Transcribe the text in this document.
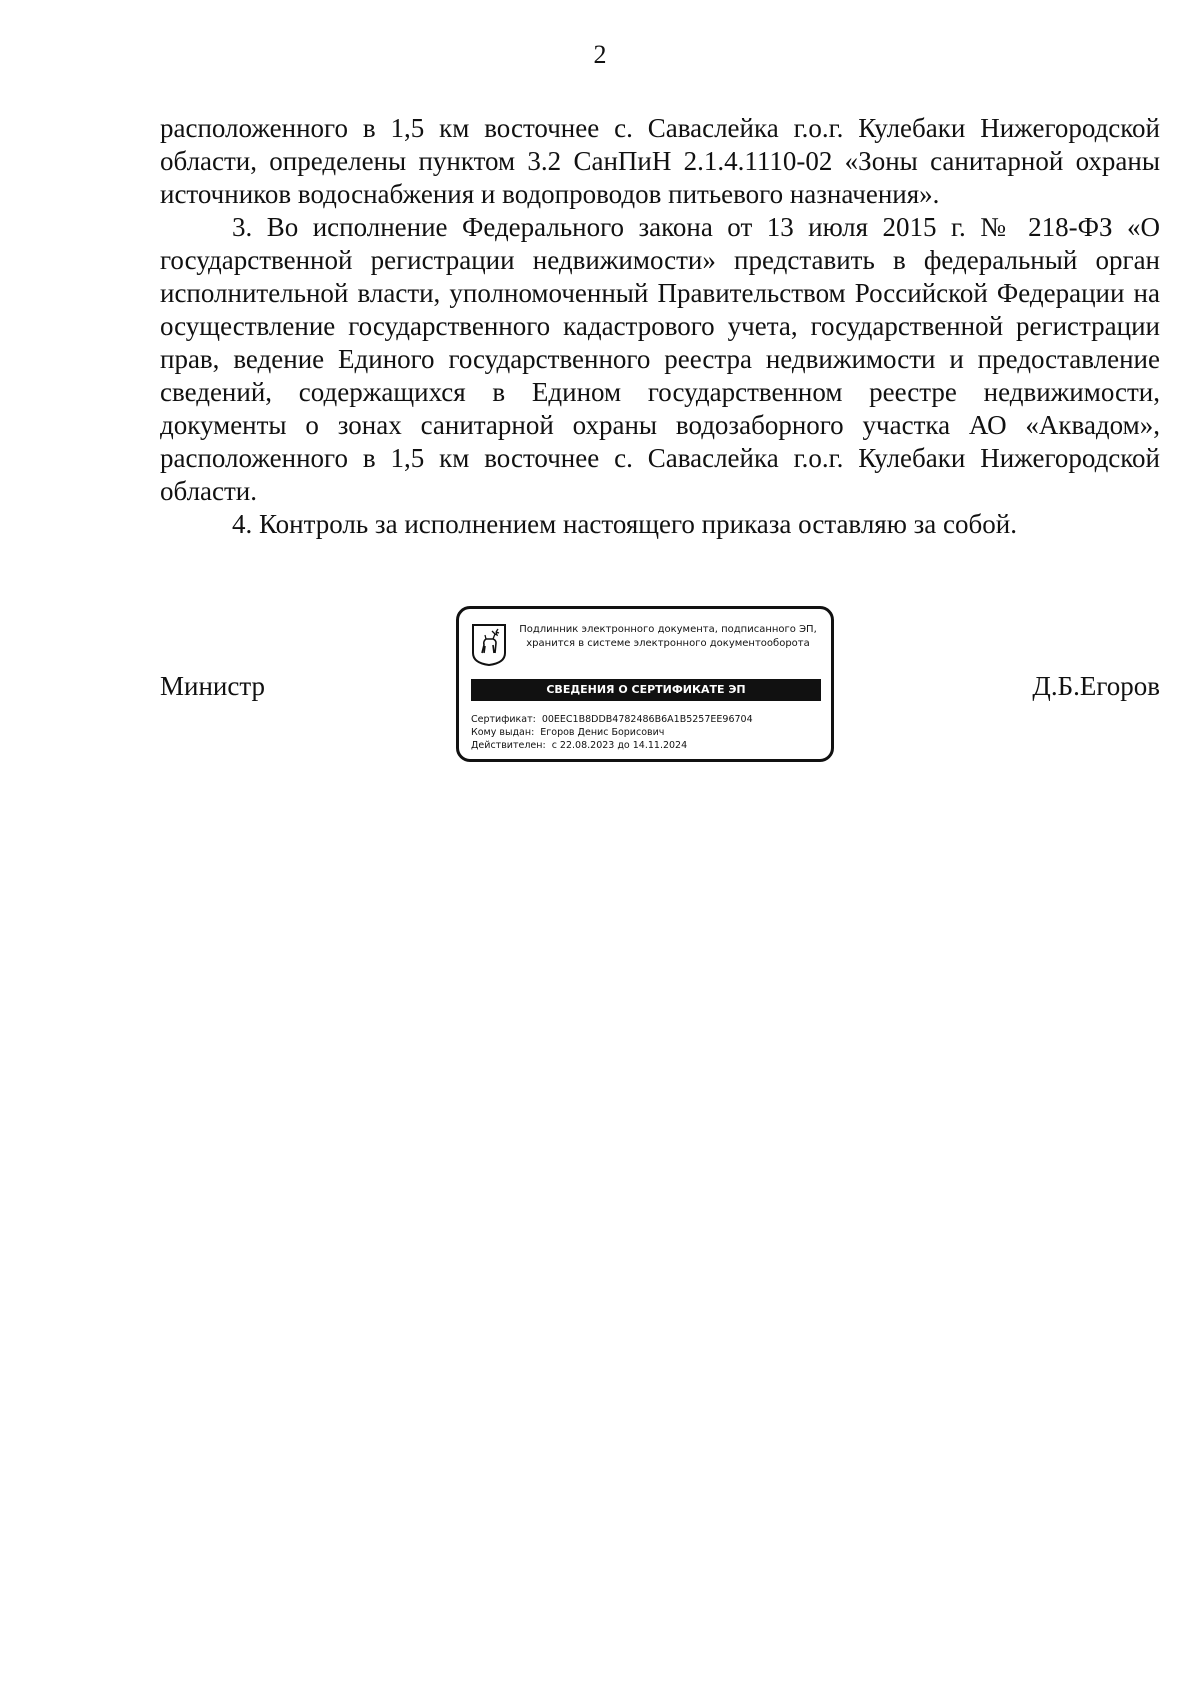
2

расположенного в 1,5 км восточнее с. Саваслейка г.о.г. Кулебаки Нижегородской области, определены пунктом 3.2 СанПиН 2.1.4.1110-02 «Зоны санитарной охраны источников водоснабжения и водопроводов питьевого назначения».

3. Во исполнение Федерального закона от 13 июля 2015 г. № 218-ФЗ «О государственной регистрации недвижимости» представить в федеральный орган исполнительной власти, уполномоченный Правительством Российской Федерации на осуществление государственного кадастрового учета, государственной регистрации прав, ведение Единого государственного реестра недвижимости и предоставление сведений, содержащихся в Едином государственном реестре недвижимости, документы о зонах санитарной охраны водозаборного участка АО «Аквадом», расположенного в 1,5 км восточнее с. Саваслейка г.о.г. Кулебаки Нижегородской области.

4. Контроль за исполнением настоящего приказа оставляю за собой.

Министр
Подлинник электронного документа, подписанного ЭП,
хранится в системе электронного документооборота
СВЕДЕНИЯ О СЕРТИФИКАТЕ ЭП
Сертификат: 00EEC1B8DDB4782486B6A1B5257EE96704
Кому выдан: Егоров Денис Борисович
Действителен: с 22.08.2023 до 14.11.2024
Д.Б.Егоров
